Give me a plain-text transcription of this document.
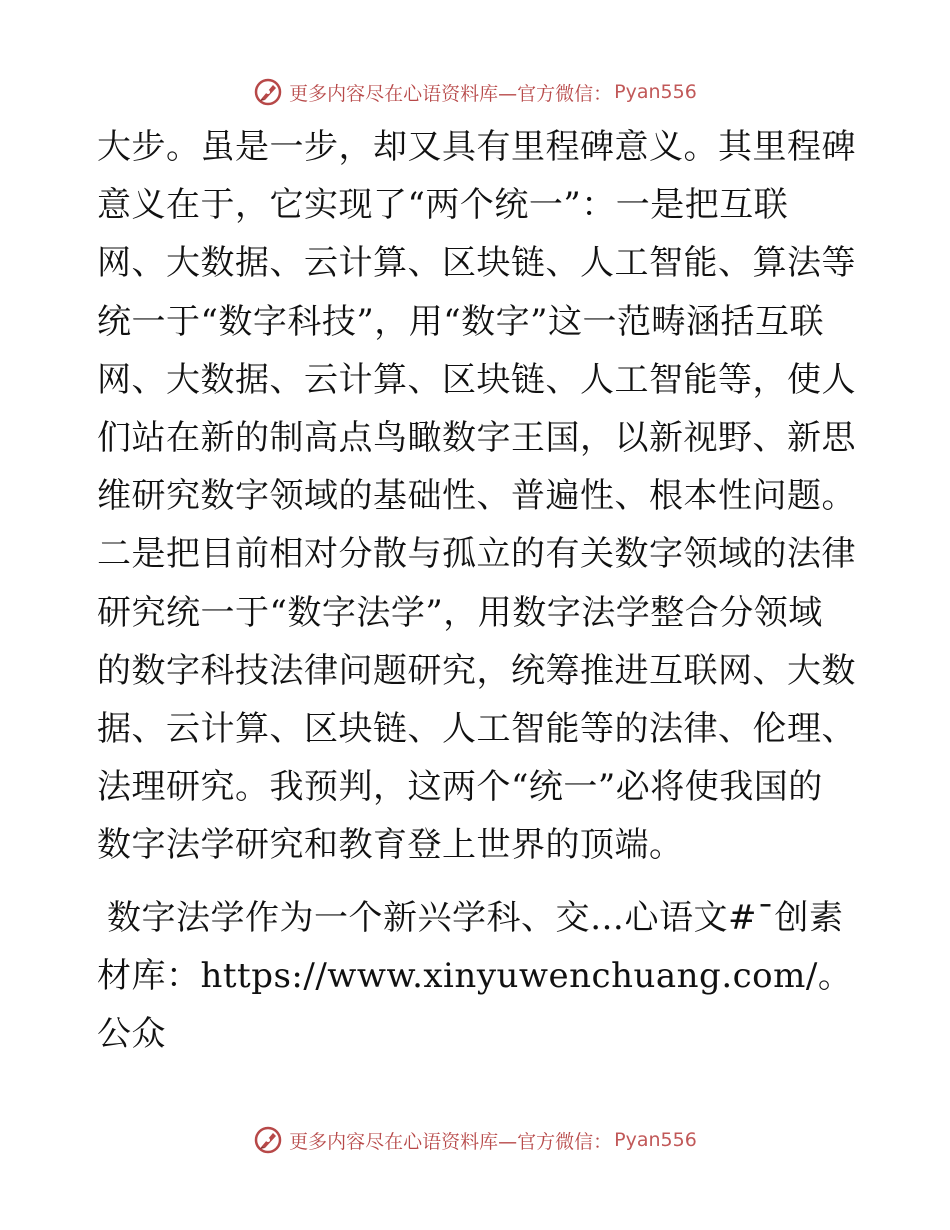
更多内容尽在心语资料库—官方微信： Pyan556

大步。虽是一步，却又具有里程碑意义。其里程碑意义在于，它实现了“两个统一”：一是把互联网、大数据、云计算、区块链、人工智能、算法等统一于“数字科技”，用“数字”这一范畴涵括互联网、大数据、云计算、区块链、人工智能等，使人们站在新的制高点鸟瞰数字王国，以新视野、新思维研究数字领域的基础性、普遍性、根本性问题。二是把目前相对分散与孤立的有关数字领域的法律研究统一于“数字法学”，用数字法学整合分领域的数字科技法律问题研究，统筹推进互联网、大数据、云计算、区块链、人工智能等的法律、伦理、法理研究。我预判，这两个“统一”必将使我国的数字法学研究和教育登上世界的顶端。

数字法学作为一个新兴学科、交…心语文#¯创素材库：https://www.xinyuwenchuang.com/。公众

更多内容尽在心语资料库—官方微信： Pyan556
